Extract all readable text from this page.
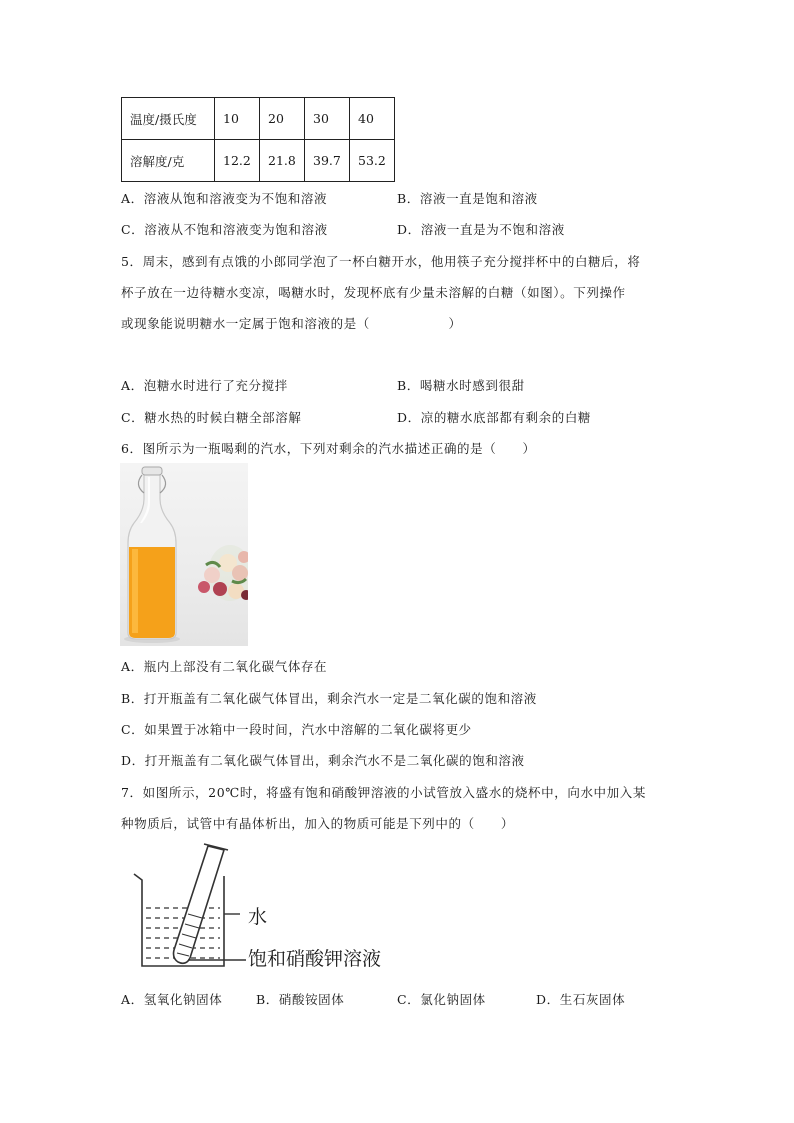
温度/摄氏度	10	20	30	40
溶解度/克	12.2	21.8	39.7	53.2
A．溶液从饱和溶液变为不饱和溶液	B．溶液一直是饱和溶液
C．溶液从不饱和溶液变为饱和溶液	D．溶液一直是为不饱和溶液
5．周末，感到有点饿的小郎同学泡了一杯白糖开水，他用筷子充分搅拌杯中的白糖后，将
杯子放在一边待糖水变凉，喝糖水时，发现杯底有少量未溶解的白糖（如图）。下列操作
或现象能说明糖水一定属于饱和溶液的是（　　　　　　）
A．泡糖水时进行了充分搅拌	B．喝糖水时感到很甜
C．糖水热的时候白糖全部溶解	D．凉的糖水底部都有剩余的白糖
6．图所示为一瓶喝剩的汽水，下列对剩余的汽水描述正确的是（　　）
A．瓶内上部没有二氧化碳气体存在
B．打开瓶盖有二氧化碳气体冒出，剩余汽水一定是二氧化碳的饱和溶液
C．如果置于冰箱中一段时间，汽水中溶解的二氧化碳将更少
D．打开瓶盖有二氧化碳气体冒出，剩余汽水不是二氧化碳的饱和溶液
7．如图所示，20℃时，将盛有饱和硝酸钾溶液的小试管放入盛水的烧杯中，向水中加入某
种物质后，试管中有晶体析出，加入的物质可能是下列中的（　　）
水
饱和硝酸钾溶液
A．氢氧化钠固体	B．硝酸铵固体	C．氯化钠固体	D．生石灰固体
